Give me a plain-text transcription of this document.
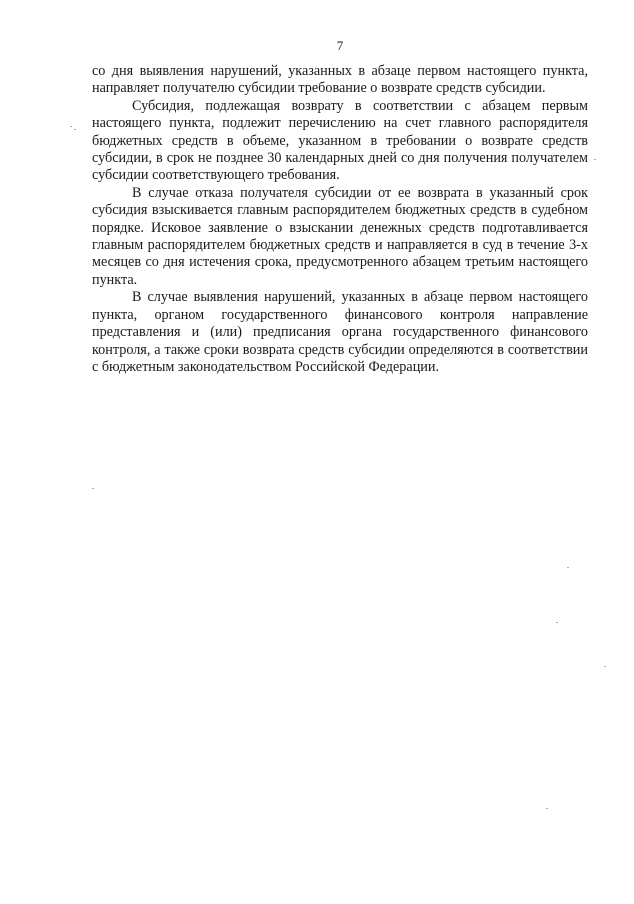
7

со дня выявления нарушений, указанных в абзаце первом настоящего пункта, направляет получателю субсидии требование о возврате средств субсидии.

Субсидия, подлежащая возврату в соответствии с абзацем первым настоящего пункта, подлежит перечислению на счет главного распорядителя бюджетных средств в объеме, указанном в требовании о возврате средств субсидии, в срок не позднее 30 календарных дней со дня получения получателем субсидии соответствующего требования.

В случае отказа получателя субсидии от ее возврата в указанный срок субсидия взыскивается главным распорядителем бюджетных средств в судебном порядке. Исковое заявление о взыскании денежных средств подготавливается главным распорядителем бюджетных средств и направляется в суд в течение 3-х месяцев со дня истечения срока, предусмотренного абзацем третьим настоящего пункта.

В случае выявления нарушений, указанных в абзаце первом настоящего пункта, органом государственного финансового контроля направление представления и (или) предписания органа государственного финансового контроля, а также сроки возврата средств субсидии определяются в соответствии с бюджетным законодательством Российской Федерации.
